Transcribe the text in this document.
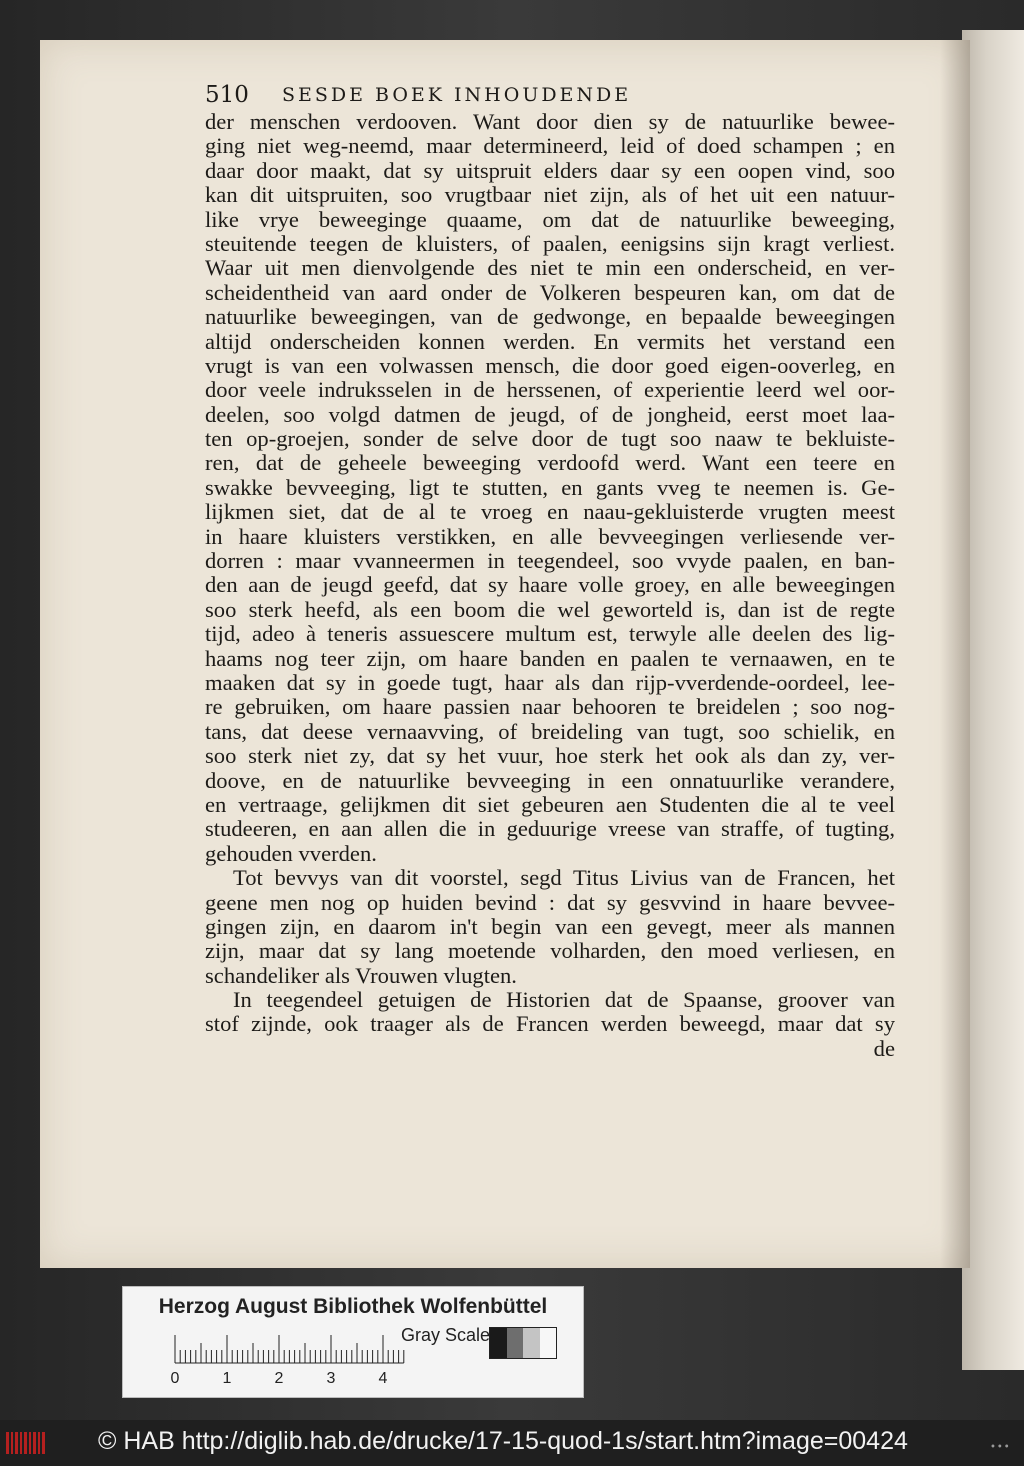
510 SESDE BOEK INHOUDENDE
der menschen verdooven. Want door dien sy de natuurlike bewee-
ging niet weg-neemd, maar determineerd, leid of doed schampen ; en
daar door maakt, dat sy uitspruit elders daar sy een oopen vind, soo
kan dit uitspruiten, soo vrugtbaar niet zijn, als of het uit een natuur-
like vrye beweeginge quaame, om dat de natuurlike beweeging,
steuitende teegen de kluisters, of paalen, eenigsins sijn kragt verliest.
Waar uit men dienvolgende des niet te min een onderscheid, en ver-
scheidentheid van aard onder de Volkeren bespeuren kan, om dat de
natuurlike beweegingen, van de gedwonge, en bepaalde beweegingen
altijd onderscheiden konnen werden. En vermits het verstand een
vrugt is van een volwassen mensch, die door goed eigen-ooverleg, en
door veele indruksselen in de herssenen, of experientie leerd wel oor-
deelen, soo volgd datmen de jeugd, of de jongheid, eerst moet laa-
ten op-groejen, sonder de selve door de tugt soo naaw te bekluiste-
ren, dat de geheele beweeging verdoofd werd. Want een teere en
swakke bevveeging, ligt te stutten, en gants vveg te neemen is. Ge-
lijkmen siet, dat de al te vroeg en naau-gekluisterde vrugten meest
in haare kluisters verstikken, en alle bevveegingen verliesende ver-
dorren : maar vvanneermen in teegendeel, soo vvyde paalen, en ban-
den aan de jeugd geefd, dat sy haare volle groey, en alle beweegingen
soo sterk heefd, als een boom die wel geworteld is, dan ist de regte
tijd, adeo à teneris assuescere multum est, terwyle alle deelen des lig-
haams nog teer zijn, om haare banden en paalen te vernaawen, en te
maaken dat sy in goede tugt, haar als dan rijp-vverdende-oordeel, lee-
re gebruiken, om haare passien naar behooren te breidelen ; soo nog-
tans, dat deese vernaavving, of breideling van tugt, soo schielik, en
soo sterk niet zy, dat sy het vuur, hoe sterk het ook als dan zy, ver-
doove, en de natuurlike bevveeging in een onnatuurlike verandere,
en vertraage, gelijkmen dit siet gebeuren aen Studenten die al te veel
studeeren, en aan allen die in geduurige vreese van straffe, of tugting,
gehouden vverden.
Tot bevvys van dit voorstel, segd Titus Livius van de Francen, het
geene men nog op huiden bevind : dat sy gesvvind in haare bevvee-
gingen zijn, en daarom in't begin van een gevegt, meer als mannen
zijn, maar dat sy lang moetende volharden, den moed verliesen, en
schandeliker als Vrouwen vlugten.
In teegendeel getuigen de Historien dat de Spaanse, groover van
stof zijnde, ook traager als de Francen werden beweegd, maar dat sy
de
Herzog August Bibliothek Wolfenbüttel
0	1	2	3	4
Gray Scale
© HAB http://diglib.hab.de/drucke/17-15-quod-1s/start.htm?image=00424	•••
